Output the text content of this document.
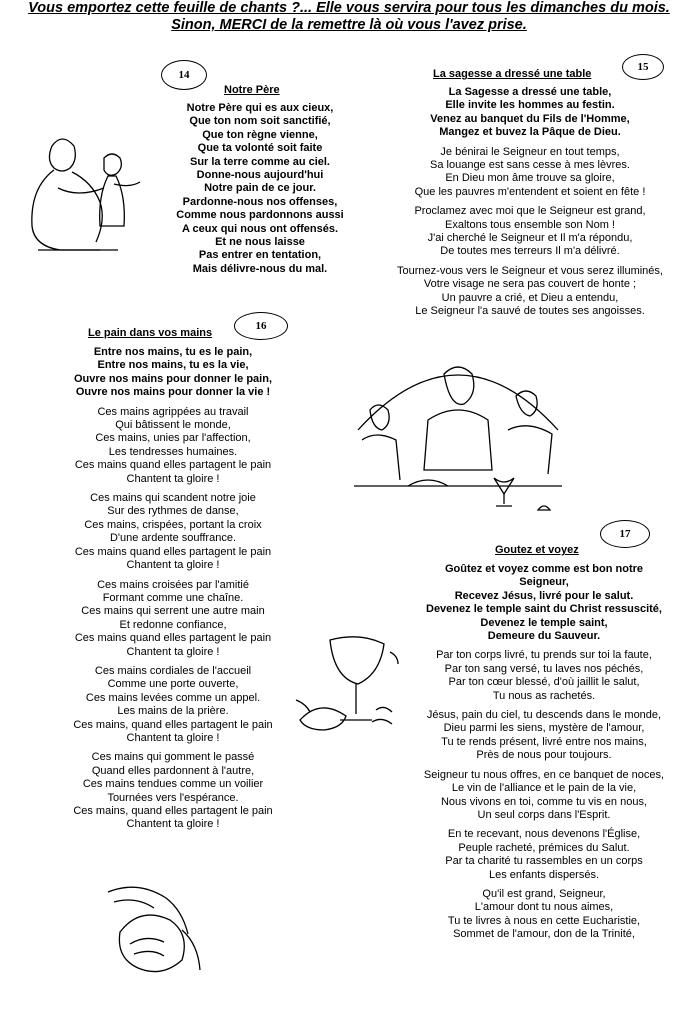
Vous emportez cette feuille de chants ?... Elle vous servira pour tous les dimanches du mois.
Sinon, MERCI de la remettre là où vous l'avez prise.
14
Notre Père
Notre Père qui es aux cieux,
Que ton nom soit sanctifié,
Que ton règne vienne,
Que ta volonté soit faite
Sur la terre comme au ciel.
Donne-nous aujourd'hui
Notre pain de ce jour.
Pardonne-nous nos offenses,
Comme nous pardonnons aussi
A ceux qui nous ont offensés.
Et ne nous laisse
Pas entrer en tentation,
Mais délivre-nous du mal.
15
La sagesse a dressé une table
La Sagesse a dressé une table,
Elle invite les hommes au festin.
Venez au banquet du Fils de l'Homme,
Mangez et buvez la Pâque de Dieu.
Je bénirai le Seigneur en tout temps,
Sa louange est sans cesse à mes lèvres.
En Dieu mon âme trouve sa gloire,
Que les pauvres m'entendent et soient en fête !
Proclamez avec moi que le Seigneur est grand,
Exaltons tous ensemble son Nom !
J'ai cherché le Seigneur et Il m'a répondu,
De toutes mes terreurs Il m'a délivré.
Tournez-vous vers le Seigneur et vous serez illuminés,
Votre visage ne sera pas couvert de honte ;
Un pauvre a crié, et Dieu a entendu,
Le Seigneur l'a sauvé de toutes ses angoisses.
16
Le pain dans vos mains
Entre nos mains, tu es le pain,
Entre nos mains, tu es la vie,
Ouvre nos mains pour donner le pain,
Ouvre nos mains pour donner la vie !
Ces mains agrippées au travail
Qui bâtissent le monde,
Ces mains, unies par l'affection,
Les tendresses humaines.
Ces mains quand elles partagent le pain
Chantent ta gloire !
Ces mains qui scandent notre joie
Sur des rythmes de danse,
Ces mains, crispées, portant la croix
D'une ardente souffrance.
Ces mains quand elles partagent le pain
Chantent ta gloire !
Ces mains croisées par l'amitié
Formant comme une chaîne.
Ces mains qui serrent une autre main
Et redonne confiance,
Ces mains quand elles partagent le pain
Chantent ta gloire !
Ces mains cordiales de l'accueil
Comme une porte ouverte,
Ces mains levées comme un appel.
Les mains de la prière.
Ces mains, quand elles partagent le pain
Chantent ta gloire !
Ces mains qui gomment le passé
Quand elles pardonnent à l'autre,
Ces mains tendues comme un voilier
Tournées vers l'espérance.
Ces mains, quand elles partagent le pain
Chantent ta gloire !
17
Goutez et voyez
Goûtez et voyez comme est bon notre
Seigneur,
Recevez Jésus, livré pour le salut.
Devenez le temple saint du Christ ressuscité,
Devenez le temple saint,
Demeure du Sauveur.
Par ton corps livré, tu prends sur toi la faute,
Par ton sang versé, tu laves nos péchés,
Par ton cœur blessé, d'où jaillit le salut,
Tu nous as rachetés.
Jésus, pain du ciel, tu descends dans le monde,
Dieu parmi les siens, mystère de l'amour,
Tu te rends présent, livré entre nos mains,
Près de nous pour toujours.
Seigneur tu nous offres, en ce banquet de noces,
Le vin de l'alliance et le pain de la vie,
Nous vivons en toi, comme tu vis en nous,
Un seul corps dans l'Esprit.
En te recevant, nous devenons l'Église,
Peuple racheté, prémices du Salut.
Par ta charité tu rassembles en un corps
Les enfants dispersés.
Qu'il est grand, Seigneur,
L'amour dont tu nous aimes,
Tu te livres à nous en cette Eucharistie,
Sommet de l'amour, don de la Trinité,
